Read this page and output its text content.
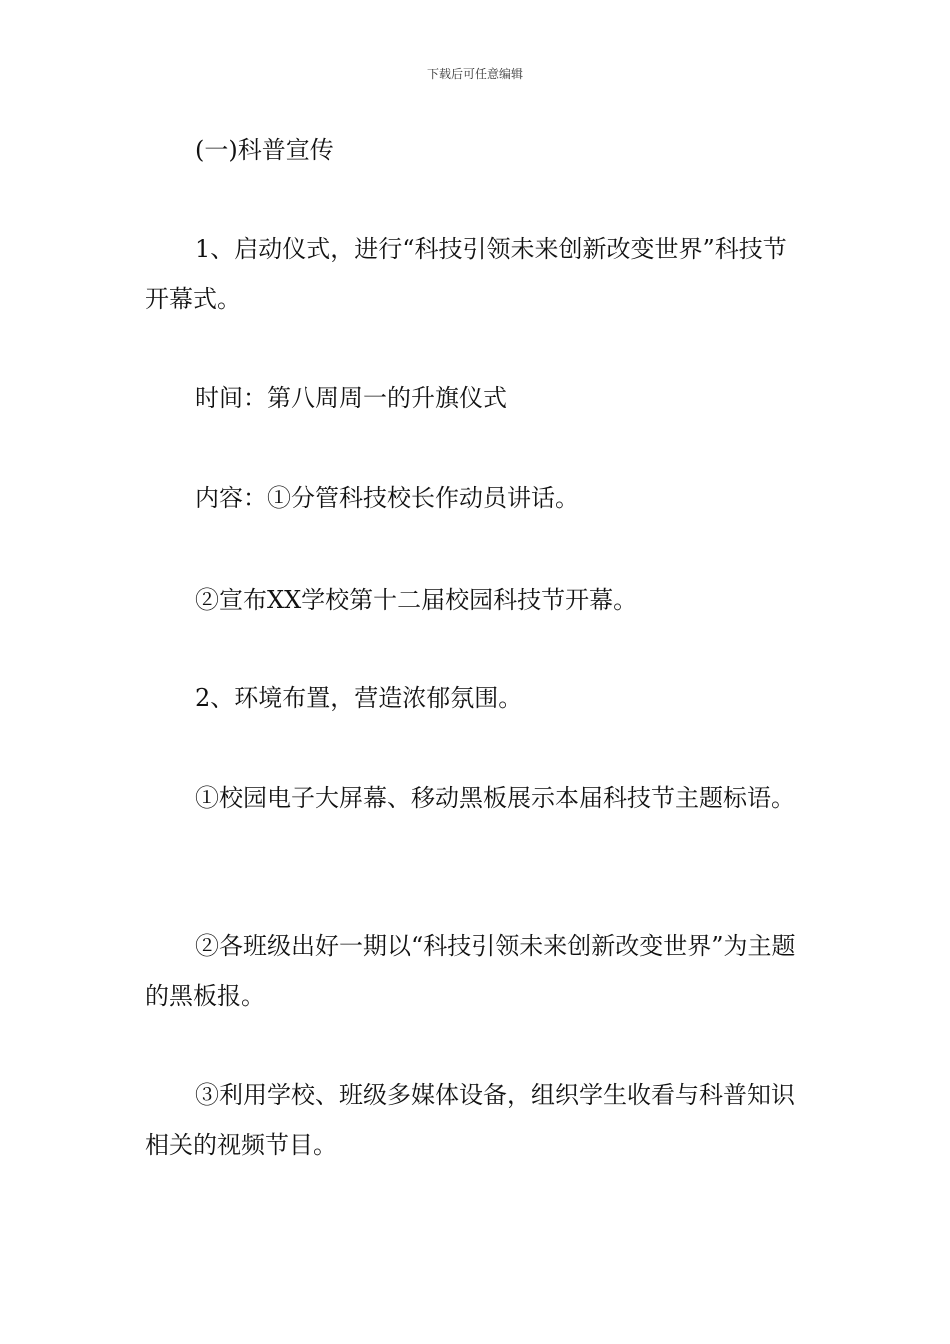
下载后可任意编辑

(一)科普宣传

1、启动仪式，进行“科技引领未来创新改变世界”科技节开幕式。

时间：第八周周一的升旗仪式

内容：①分管科技校长作动员讲话。

②宣布XX学校第十二届校园科技节开幕。

2、环境布置，营造浓郁氛围。

①校园电子大屏幕、移动黑板展示本届科技节主题标语。

②各班级出好一期以“科技引领未来创新改变世界”为主题的黑板报。

③利用学校、班级多媒体设备，组织学生收看与科普知识相关的视频节目。
